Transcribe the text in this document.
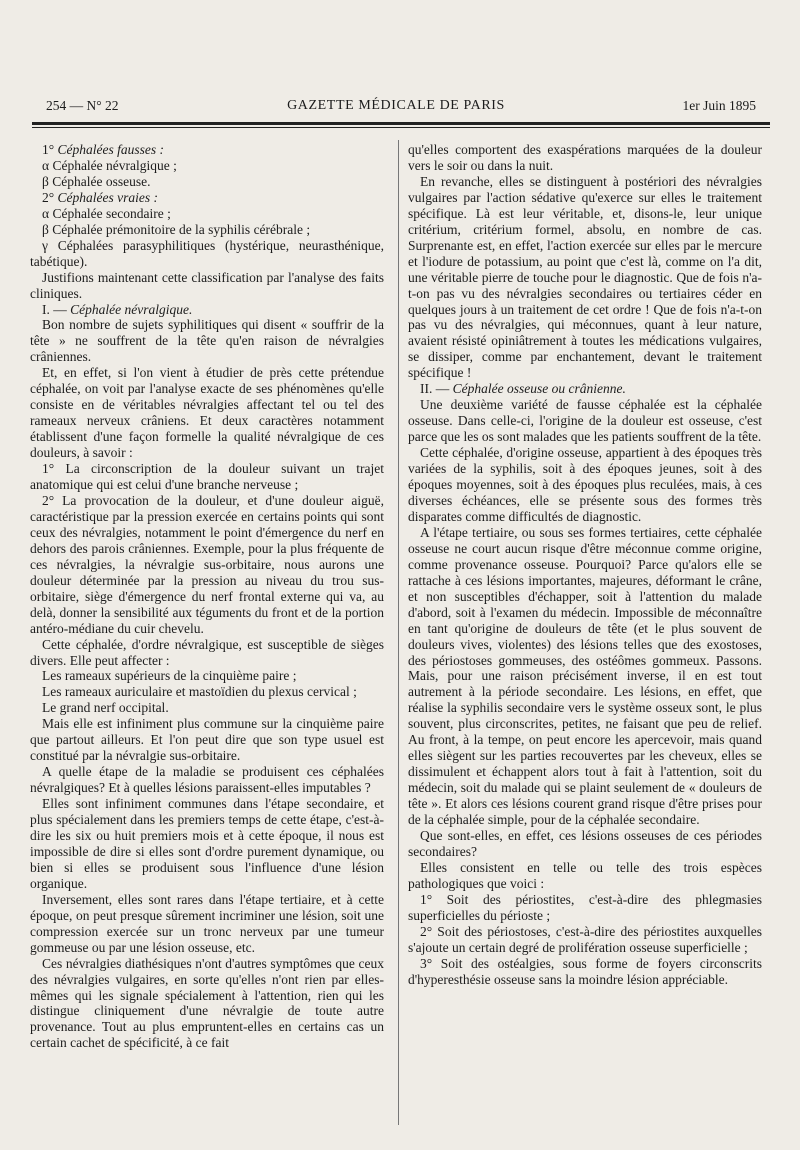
254 — N° 22	GAZETTE MÉDICALE DE PARIS	1er Juin 1895

1° Céphalées fausses :

α Céphalée névralgique ;

β Céphalée osseuse.

2° Céphalées vraies :

α Céphalée secondaire ;

β Céphalée prémonitoire de la syphilis cérébrale ;

γ Céphalées parasyphilitiques (hystérique, neurasthénique, tabétique).

Justifions maintenant cette classification par l'analyse des faits cliniques.

I. — Céphalée névralgique.

Bon nombre de sujets syphilitiques qui disent « souffrir de la tête » ne souffrent de la tête qu'en raison de névralgies crâniennes.

Et, en effet, si l'on vient à étudier de près cette prétendue céphalée, on voit par l'analyse exacte de ses phénomènes qu'elle consiste en de véritables névralgies affectant tel ou tel des rameaux nerveux crâniens. Et deux caractères notamment établissent d'une façon formelle la qualité névralgique de ces douleurs, à savoir :

1° La circonscription de la douleur suivant un trajet anatomique qui est celui d'une branche nerveuse ;

2° La provocation de la douleur, et d'une douleur aiguë, caractéristique par la pression exercée en certains points qui sont ceux des névralgies, notamment le point d'émergence du nerf en dehors des parois crâniennes. Exemple, pour la plus fréquente de ces névralgies, la névralgie sus-orbitaire, nous aurons une douleur déterminée par la pression au niveau du trou sus-orbitaire, siège d'émergence du nerf frontal externe qui va, au delà, donner la sensibilité aux téguments du front et de la portion antéro-médiane du cuir chevelu.

Cette céphalée, d'ordre névralgique, est susceptible de sièges divers. Elle peut affecter :

Les rameaux supérieurs de la cinquième paire ;

Les rameaux auriculaire et mastoïdien du plexus cervical ;

Le grand nerf occipital.

Mais elle est infiniment plus commune sur la cinquième paire que partout ailleurs. Et l'on peut dire que son type usuel est constitué par la névralgie sus-orbitaire.

A quelle étape de la maladie se produisent ces céphalées névralgiques? Et à quelles lésions paraissent-elles imputables ?

Elles sont infiniment communes dans l'étape secondaire, et plus spécialement dans les premiers temps de cette étape, c'est-à-dire les six ou huit premiers mois et à cette époque, il nous est impossible de dire si elles sont d'ordre purement dynamique, ou bien si elles se produisent sous l'influence d'une lésion organique.

Inversement, elles sont rares dans l'étape tertiaire, et à cette époque, on peut presque sûrement incriminer une lésion, soit une compression exercée sur un tronc nerveux par une tumeur gommeuse ou par une lésion osseuse, etc.

Ces névralgies diathésiques n'ont d'autres symptômes que ceux des névralgies vulgaires, en sorte qu'elles n'ont rien par elles-mêmes qui les signale spécialement à l'attention, rien qui les distingue cliniquement d'une névralgie de toute autre provenance. Tout au plus empruntent-elles en certains cas un certain cachet de spécificité, à ce fait

qu'elles comportent des exaspérations marquées de la douleur vers le soir ou dans la nuit.

En revanche, elles se distinguent à postériori des névralgies vulgaires par l'action sédative qu'exerce sur elles le traitement spécifique. Là est leur véritable, et, disons-le, leur unique critérium, critérium formel, absolu, en nombre de cas. Surprenante est, en effet, l'action exercée sur elles par le mercure et l'iodure de potassium, au point que c'est là, comme on l'a dit, une véritable pierre de touche pour le diagnostic. Que de fois n'a-t-on pas vu des névralgies secondaires ou tertiaires céder en quelques jours à un traitement de cet ordre ! Que de fois n'a-t-on pas vu des névralgies, qui méconnues, quant à leur nature, avaient résisté opiniâtrement à toutes les médications vulgaires, se dissiper, comme par enchantement, devant le traitement spécifique !

II. — Céphalée osseuse ou crânienne.

Une deuxième variété de fausse céphalée est la céphalée osseuse. Dans celle-ci, l'origine de la douleur est osseuse, c'est parce que les os sont malades que les patients souffrent de la tête.

Cette céphalée, d'origine osseuse, appartient à des époques très variées de la syphilis, soit à des époques jeunes, soit à des époques moyennes, soit à des époques plus reculées, mais, à ces diverses échéances, elle se présente sous des formes très disparates comme difficultés de diagnostic.

A l'étape tertiaire, ou sous ses formes tertiaires, cette céphalée osseuse ne court aucun risque d'être méconnue comme origine, comme provenance osseuse. Pourquoi? Parce qu'alors elle se rattache à ces lésions importantes, majeures, déformant le crâne, et non susceptibles d'échapper, soit à l'attention du malade d'abord, soit à l'examen du médecin. Impossible de méconnaître en tant qu'origine de douleurs de tête (et le plus souvent de douleurs vives, violentes) des lésions telles que des exostoses, des périostoses gommeuses, des ostéômes gommeux. Passons. Mais, pour une raison précisément inverse, il en est tout autrement à la période secondaire. Les lésions, en effet, que réalise la syphilis secondaire vers le système osseux sont, le plus souvent, plus circonscrites, petites, ne faisant que peu de relief. Au front, à la tempe, on peut encore les apercevoir, mais quand elles siègent sur les parties recouvertes par les cheveux, elles se dissimulent et échappent alors tout à fait à l'attention, soit du médecin, soit du malade qui se plaint seulement de « douleurs de tête ». Et alors ces lésions courent grand risque d'être prises pour de la céphalée simple, pour de la céphalée secondaire.

Que sont-elles, en effet, ces lésions osseuses de ces périodes secondaires?

Elles consistent en telle ou telle des trois espèces pathologiques que voici :

1° Soit des périostites, c'est-à-dire des phlegmasies superficielles du périoste ;

2° Soit des périostoses, c'est-à-dire des périostites auxquelles s'ajoute un certain degré de prolifération osseuse superficielle ;

3° Soit des ostéalgies, sous forme de foyers circonscrits d'hyperesthésie osseuse sans la moindre lésion appréciable.
